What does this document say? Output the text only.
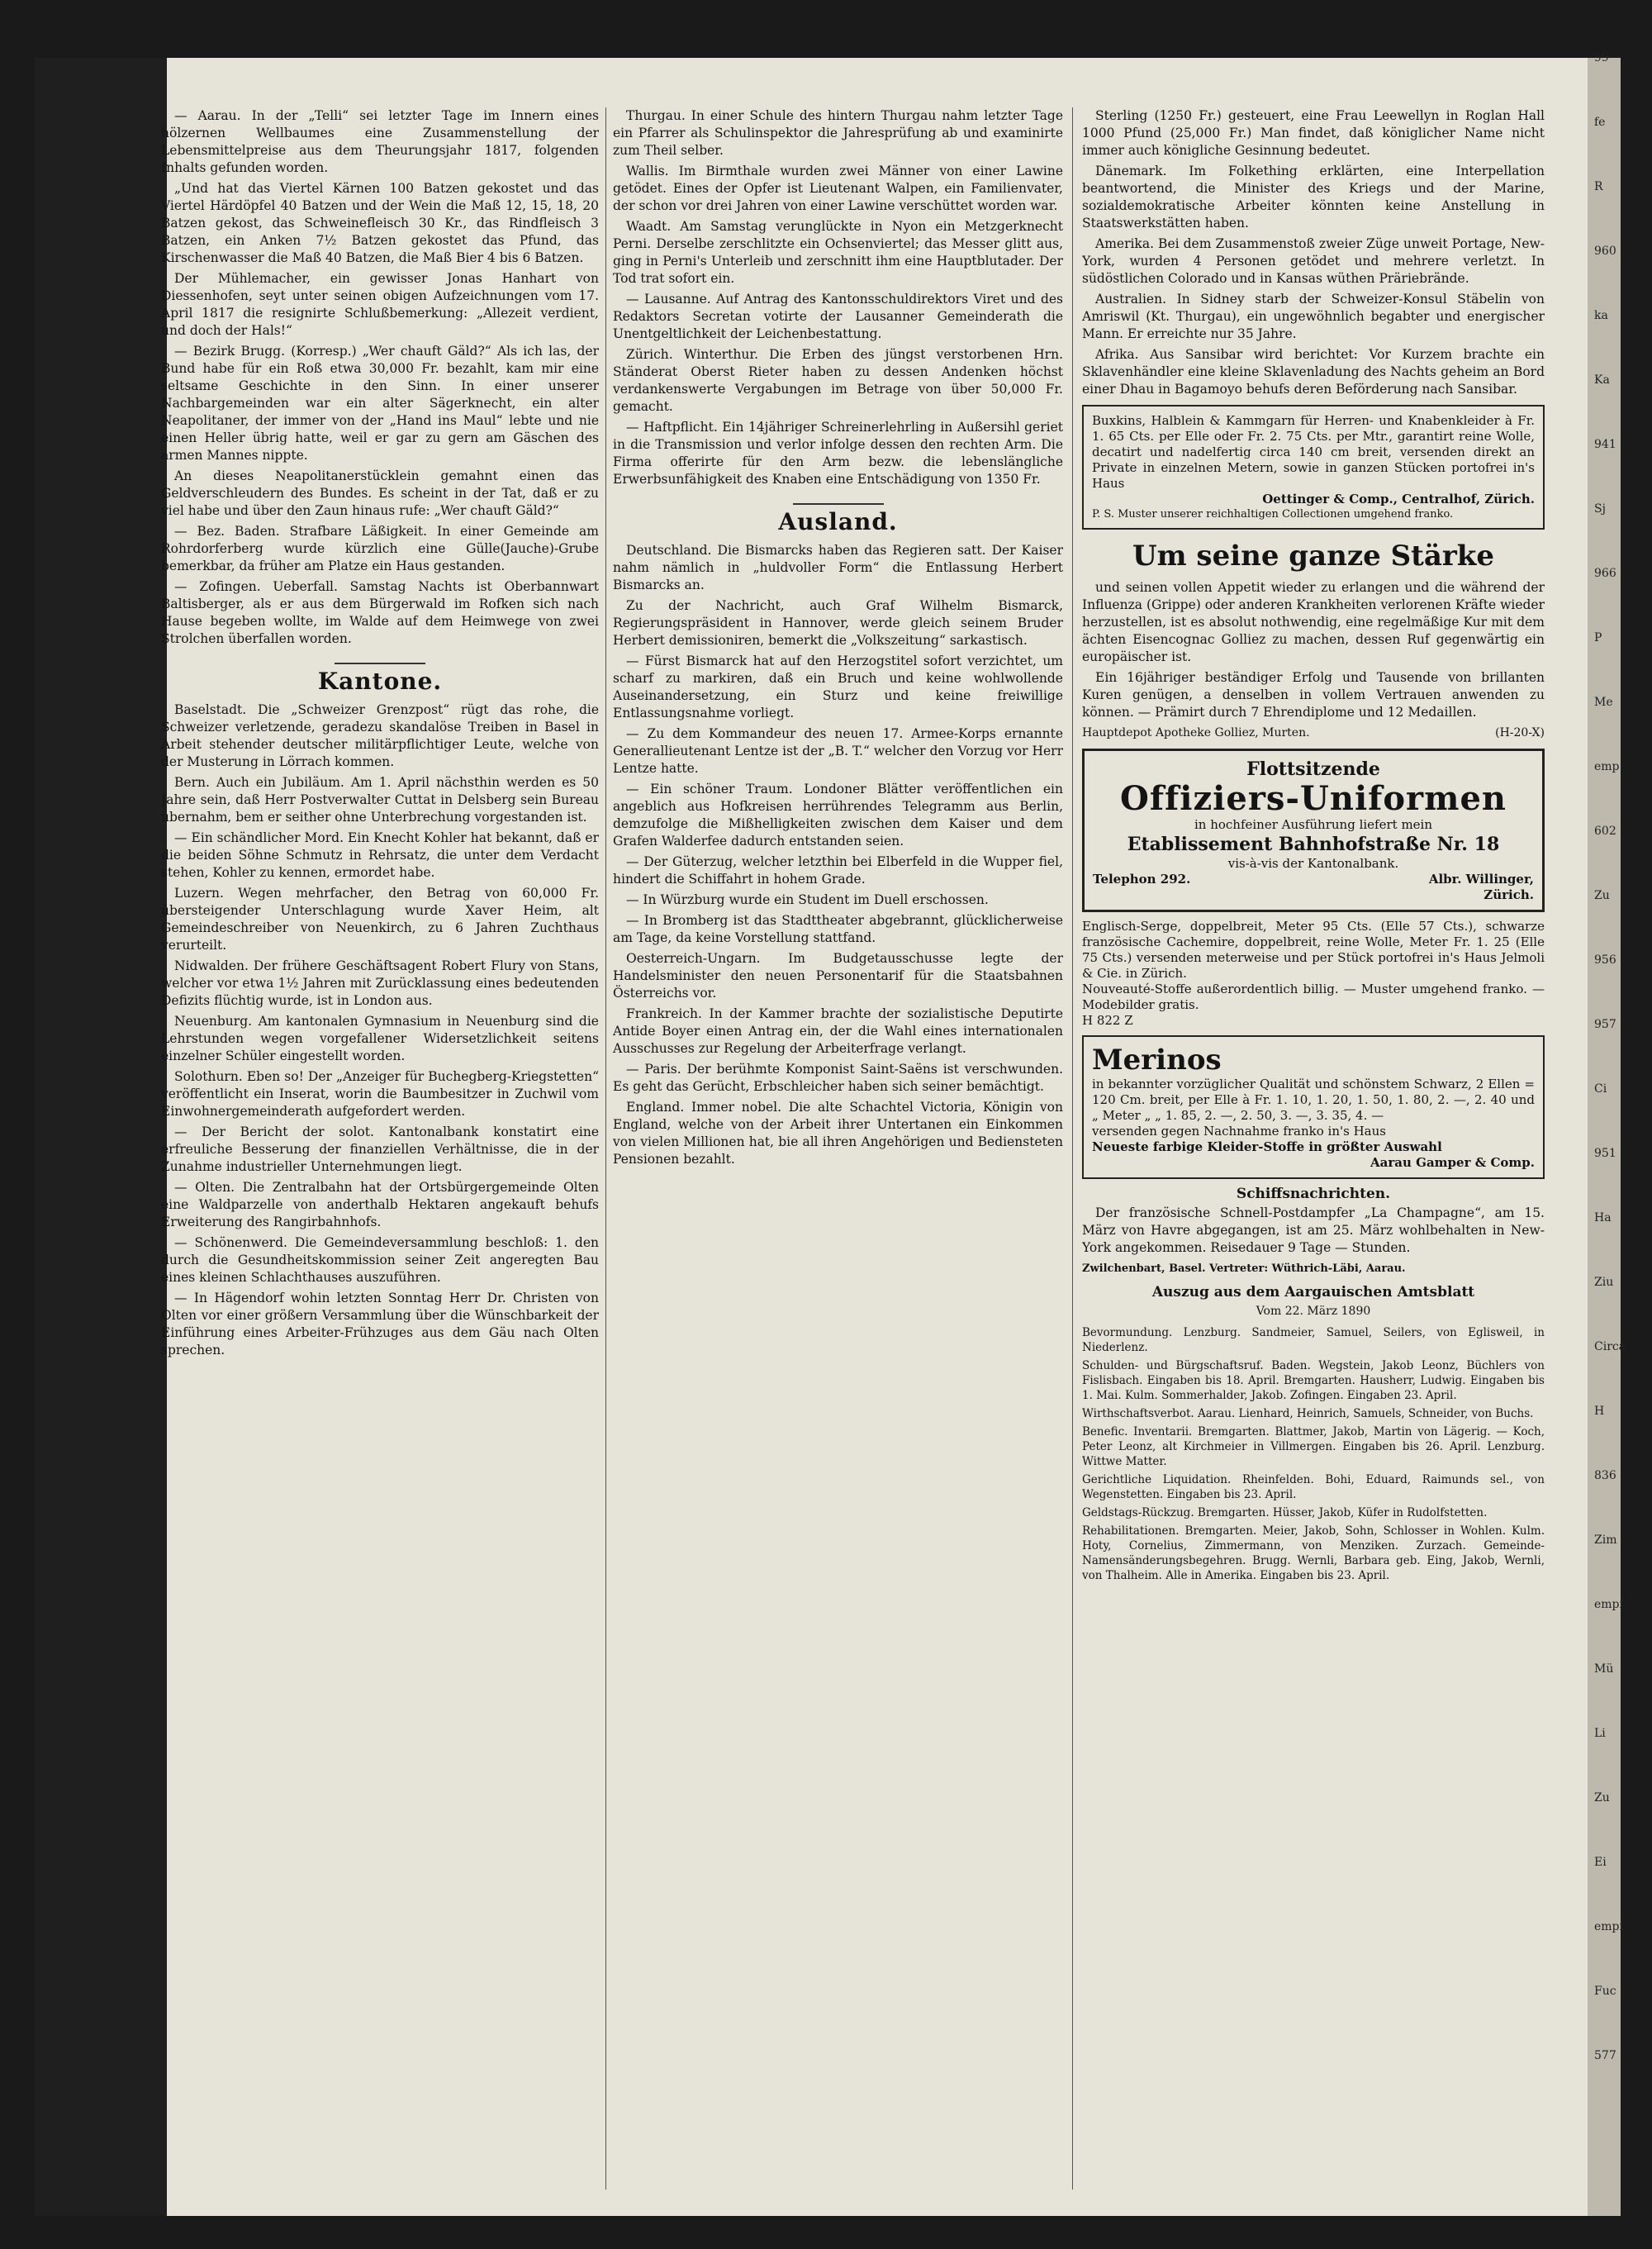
— Aarau. In der „Telli“ sei letzter Tage im Innern eines hölzernen Wellbaumes eine Zusammenstellung der Lebensmittelpreise aus dem Theurungsjahr 1817, folgenden Inhalts gefunden worden.

„Und hat das Viertel Kärnen 100 Batzen gekostet und das Viertel Härdöpfel 40 Batzen und der Wein die Maß 12, 15, 18, 20 Batzen gekost, das Schweinefleisch 30 Kr., das Rindfleisch 3 Batzen, ein Anken 7½ Batzen gekostet das Pfund, das Kirschenwasser die Maß 40 Batzen, die Maß Bier 4 bis 6 Batzen.

Der Mühlemacher, ein gewisser Jonas Hanhart von Diessenhofen, seyt unter seinen obigen Aufzeichnungen vom 17. April 1817 die resignirte Schlußbemerkung: „Allezeit verdient, und doch der Hals!“

— Bezirk Brugg. (Korresp.) „Wer chauft Gäld?“ Als ich las, der Bund habe für ein Roß etwa 30,000 Fr. bezahlt, kam mir eine seltsame Geschichte in den Sinn. In einer unserer Nachbargemeinden war ein alter Sägerknecht, ein alter Neapolitaner, der immer von der „Hand ins Maul“ lebte und nie einen Heller übrig hatte, weil er gar zu gern am Gäschen des armen Mannes nippte.

An dieses Neapolitanerstücklein gemahnt einen das Geldverschleudern des Bundes. Es scheint in der Tat, daß er zu viel habe und über den Zaun hinaus rufe: „Wer chauft Gäld?“

— Bez. Baden. Strafbare Läßigkeit. In einer Gemeinde am Rohrdorferberg wurde kürzlich eine Gülle(Jauche)-Grube bemerkbar, da früher am Platze ein Haus gestanden.

— Zofingen. Ueberfall. Samstag Nachts ist Oberbannwart Baltisberger, als er aus dem Bürgerwald im Rofken sich nach Hause begeben wollte, im Walde auf dem Heimwege von zwei Strolchen überfallen worden.

Kantone.

Baselstadt. Die „Schweizer Grenzpost“ rügt das rohe, die Schweizer verletzende, geradezu skandalöse Treiben in Basel in Arbeit stehender deutscher militärpflichtiger Leute, welche von der Musterung in Lörrach kommen.

Bern. Auch ein Jubiläum. Am 1. April nächsthin werden es 50 Jahre sein, daß Herr Postverwalter Cuttat in Delsberg sein Bureau übernahm, bem er seither ohne Unterbrechung vorgestanden ist.

— Ein schändlicher Mord. Ein Knecht Kohler hat bekannt, daß er die beiden Söhne Schmutz in Rehrsatz, die unter dem Verdacht stehen, Kohler zu kennen, ermordet habe.

Luzern. Wegen mehrfacher, den Betrag von 60,000 Fr. übersteigender Unterschlagung wurde Xaver Heim, alt Gemeindeschreiber von Neuenkirch, zu 6 Jahren Zuchthaus verurteilt.

Nidwalden. Der frühere Geschäftsagent Robert Flury von Stans, welcher vor etwa 1½ Jahren mit Zurücklassung eines bedeutenden Defizits flüchtig wurde, ist in London aus.

Neuenburg. Am kantonalen Gymnasium in Neuenburg sind die Lehrstunden wegen vorgefallener Widersetzlichkeit seitens einzelner Schüler eingestellt worden.

Solothurn. Eben so! Der „Anzeiger für Buchegberg-Kriegstetten“ veröffentlicht ein Inserat, worin die Baumbesitzer in Zuchwil vom Einwohnergemeinderath aufgefordert werden.

— Der Bericht der solot. Kantonalbank konstatirt eine erfreuliche Besserung der finanziellen Verhältnisse, die in der Zunahme industrieller Unternehmungen liegt.

— Olten. Die Zentralbahn hat der Ortsbürgergemeinde Olten eine Waldparzelle von anderthalb Hektaren angekauft behufs Erweiterung des Rangirbahnhofs.

— Schönenwerd. Die Gemeindeversammlung beschloß: 1. den durch die Gesundheitskommission seiner Zeit angeregten Bau eines kleinen Schlachthauses auszuführen.

— In Hägendorf wohin letzten Sonntag Herr Dr. Christen von Olten vor einer größern Versammlung über die Wünschbarkeit der Einführung eines Arbeiter-Frühzuges aus dem Gäu nach Olten sprechen.

Thurgau. In einer Schule des hintern Thurgau nahm letzter Tage ein Pfarrer als Schulinspektor die Jahresprüfung ab und examinirte zum Theil selber.

Wallis. Im Birmthale wurden zwei Männer von einer Lawine getödet. Eines der Opfer ist Lieutenant Walpen, ein Familienvater, der schon vor drei Jahren von einer Lawine verschüttet worden war.

Waadt. Am Samstag verunglückte in Nyon ein Metzgerknecht Perni. Derselbe zerschlitzte ein Ochsenviertel; das Messer glitt aus, ging in Perni's Unterleib und zerschnitt ihm eine Hauptblutader. Der Tod trat sofort ein.

— Lausanne. Auf Antrag des Kantonsschuldirektors Viret und des Redaktors Secretan votirte der Lausanner Gemeinderath die Unentgeltlichkeit der Leichenbestattung.

Zürich. Winterthur. Die Erben des jüngst verstorbenen Hrn. Ständerat Oberst Rieter haben zu dessen Andenken höchst verdankenswerte Vergabungen im Betrage von über 50,000 Fr. gemacht.

— Haftpflicht. Ein 14jähriger Schreinerlehrling in Außersihl geriet in die Transmission und verlor infolge dessen den rechten Arm. Die Firma offerirte für den Arm bezw. die lebenslängliche Erwerbsunfähigkeit des Knaben eine Entschädigung von 1350 Fr.

Ausland.

Deutschland. Die Bismarcks haben das Regieren satt. Der Kaiser nahm nämlich in „huldvoller Form“ die Entlassung Herbert Bismarcks an.

Zu der Nachricht, auch Graf Wilhelm Bismarck, Regierungspräsident in Hannover, werde gleich seinem Bruder Herbert demissioniren, bemerkt die „Volkszeitung“ sarkastisch.

— Fürst Bismarck hat auf den Herzogstitel sofort verzichtet, um scharf zu markiren, daß ein Bruch und keine wohlwollende Auseinandersetzung, ein Sturz und keine freiwillige Entlassungsnahme vorliegt.

— Zu dem Kommandeur des neuen 17. Armee-Korps ernannte Generallieutenant Lentze ist der „B. T.“ welcher den Vorzug vor Herr Lentze hatte.

— Ein schöner Traum. Londoner Blätter veröffentlichen ein angeblich aus Hofkreisen herrührendes Telegramm aus Berlin, demzufolge die Mißhelligkeiten zwischen dem Kaiser und dem Grafen Walderfee dadurch entstanden seien.

— Der Güterzug, welcher letzthin bei Elberfeld in die Wupper fiel, hindert die Schiffahrt in hohem Grade.

— In Würzburg wurde ein Student im Duell erschossen.

— In Bromberg ist das Stadttheater abgebrannt, glücklicherweise am Tage, da keine Vorstellung stattfand.

Oesterreich-Ungarn. Im Budgetausschusse legte der Handelsminister den neuen Personentarif für die Staatsbahnen Österreichs vor.

Frankreich. In der Kammer brachte der sozialistische Deputirte Antide Boyer einen Antrag ein, der die Wahl eines internationalen Ausschusses zur Regelung der Arbeiterfrage verlangt.

— Paris. Der berühmte Komponist Saint-Saëns ist verschwunden. Es geht das Gerücht, Erbschleicher haben sich seiner bemächtigt.

England. Immer nobel. Die alte Schachtel Victoria, Königin von England, welche von der Arbeit ihrer Untertanen ein Einkommen von vielen Millionen hat, bie all ihren Angehörigen und Bediensteten Pensionen bezahlt.

Sterling (1250 Fr.) gesteuert, eine Frau Leewellyn in Roglan Hall 1000 Pfund (25,000 Fr.) Man findet, daß königlicher Name nicht immer auch königliche Gesinnung bedeutet.

Dänemark. Im Folkething erklärten, eine Interpellation beantwortend, die Minister des Kriegs und der Marine, sozialdemokratische Arbeiter könnten keine Anstellung in Staatswerkstätten haben.

Amerika. Bei dem Zusammenstoß zweier Züge unweit Portage, New-York, wurden 4 Personen getödet und mehrere verletzt. In südöstlichen Colorado und in Kansas wüthen Präriebrände.

Australien. In Sidney starb der Schweizer-Konsul Stäbelin von Amriswil (Kt. Thurgau), ein ungewöhnlich begabter und energischer Mann. Er erreichte nur 35 Jahre.

Afrika. Aus Sansibar wird berichtet: Vor Kurzem brachte ein Sklavenhändler eine kleine Sklavenladung des Nachts geheim an Bord einer Dhau in Bagamoyo behufs deren Beförderung nach Sansibar.

Buxkins, Halblein & Kammgarn für Herren- und Knabenkleider à Fr. 1. 65 Cts. per Elle oder Fr. 2. 75 Cts. per Mtr., garantirt reine Wolle, decatirt und nadelfertig circa 140 cm breit, versenden direkt an Private in einzelnen Metern, sowie in ganzen Stücken portofrei in's Haus
Oettinger & Comp., Centralhof, Zürich.
P. S. Muster unserer reichhaltigen Collectionen umgehend franko.
Um seine ganze Stärke

und seinen vollen Appetit wieder zu erlangen und die während der Influenza (Grippe) oder anderen Krankheiten verlorenen Kräfte wieder herzustellen, ist es absolut nothwendig, eine regelmäßige Kur mit dem ächten Eisencognac Golliez zu machen, dessen Ruf gegenwärtig ein europäischer ist.

Ein 16jähriger beständiger Erfolg und Tausende von brillanten Kuren genügen, a denselben in vollem Vertrauen anwenden zu können. — Prämirt durch 7 Ehrendiplome und 12 Medaillen.

Hauptdepot Apotheke Golliez, Murten.	(H-20-X)
Flottsitzende
Offiziers-Uniformen
in hochfeiner Ausführung liefert mein
Etablissement Bahnhofstraße Nr. 18
vis-à-vis der Kantonalbank.
Telephon 292.	Albr. Willinger,
Zürich.
Englisch-Serge, doppelbreit, Meter 95 Cts. (Elle 57 Cts.), schwarze französische Cachemire, doppelbreit, reine Wolle, Meter Fr. 1. 25 (Elle 75 Cts.) versenden meterweise und per Stück portofrei in's Haus Jelmoli & Cie. in Zürich.
Nouveauté-Stoffe außerordentlich billig. — Muster umgehend franko. — Modebilder gratis.
H 822 Z
Merinos
in bekannter vorzüglicher Qualität und schönstem Schwarz, 2 Ellen = 120 Cm. breit, per Elle à Fr. 1. 10, 1. 20, 1. 50, 1. 80, 2. —, 2. 40 und „ Meter „ „ 1. 85, 2. —, 2. 50, 3. —, 3. 35, 4. —
versenden gegen Nachnahme franko in's Haus
Neueste farbige Kleider-Stoffe in größter Auswahl
Aarau Gamper & Comp.
Schiffsnachrichten.

Der französische Schnell-Postdampfer „La Champagne“, am 15. März von Havre abgegangen, ist am 25. März wohlbehalten in New-York angekommen. Reisedauer 9 Tage — Stunden.

Zwilchenbart, Basel. Vertreter: Wüthrich-Läbi, Aarau.
Auszug aus dem Aargauischen Amtsblatt
Vom 22. März 1890

Bevormundung. Lenzburg. Sandmeier, Samuel, Seilers, von Eglisweil, in Niederlenz.

Schulden- und Bürgschaftsruf. Baden. Wegstein, Jakob Leonz, Büchlers von Fislisbach. Eingaben bis 18. April. Bremgarten. Hausherr, Ludwig. Eingaben bis 1. Mai. Kulm. Sommerhalder, Jakob. Zofingen. Eingaben 23. April.

Wirthschaftsverbot. Aarau. Lienhard, Heinrich, Samuels, Schneider, von Buchs.

Benefic. Inventarii. Bremgarten. Blattmer, Jakob, Martin von Lägerig. — Koch, Peter Leonz, alt Kirchmeier in Villmergen. Eingaben bis 26. April. Lenzburg. Wittwe Matter.

Gerichtliche Liquidation. Rheinfelden. Bohi, Eduard, Raimunds sel., von Wegenstetten. Eingaben bis 23. April.

Geldstags-Rückzug. Bremgarten. Hüsser, Jakob, Küfer in Rudolfstetten.

Rehabilitationen. Bremgarten. Meier, Jakob, Sohn, Schlosser in Wohlen. Kulm. Hoty, Cornelius, Zimmermann, von Menziken. Zurzach. Gemeinde-Namensänderungsbegehren. Brugg. Wernli, Barbara geb. Eing, Jakob, Wernli, von Thalheim. Alle in Amerika. Eingaben bis 23. April.

99
fe
R
960
ka
Ka
941
Sj
966
P
Me
emp
602
Zu
956
957
Ci
951
Ha
Ziu
Circa
H
836
Zim
empf
Mü
Li
Zu
Ei
empf
Fuc
577
